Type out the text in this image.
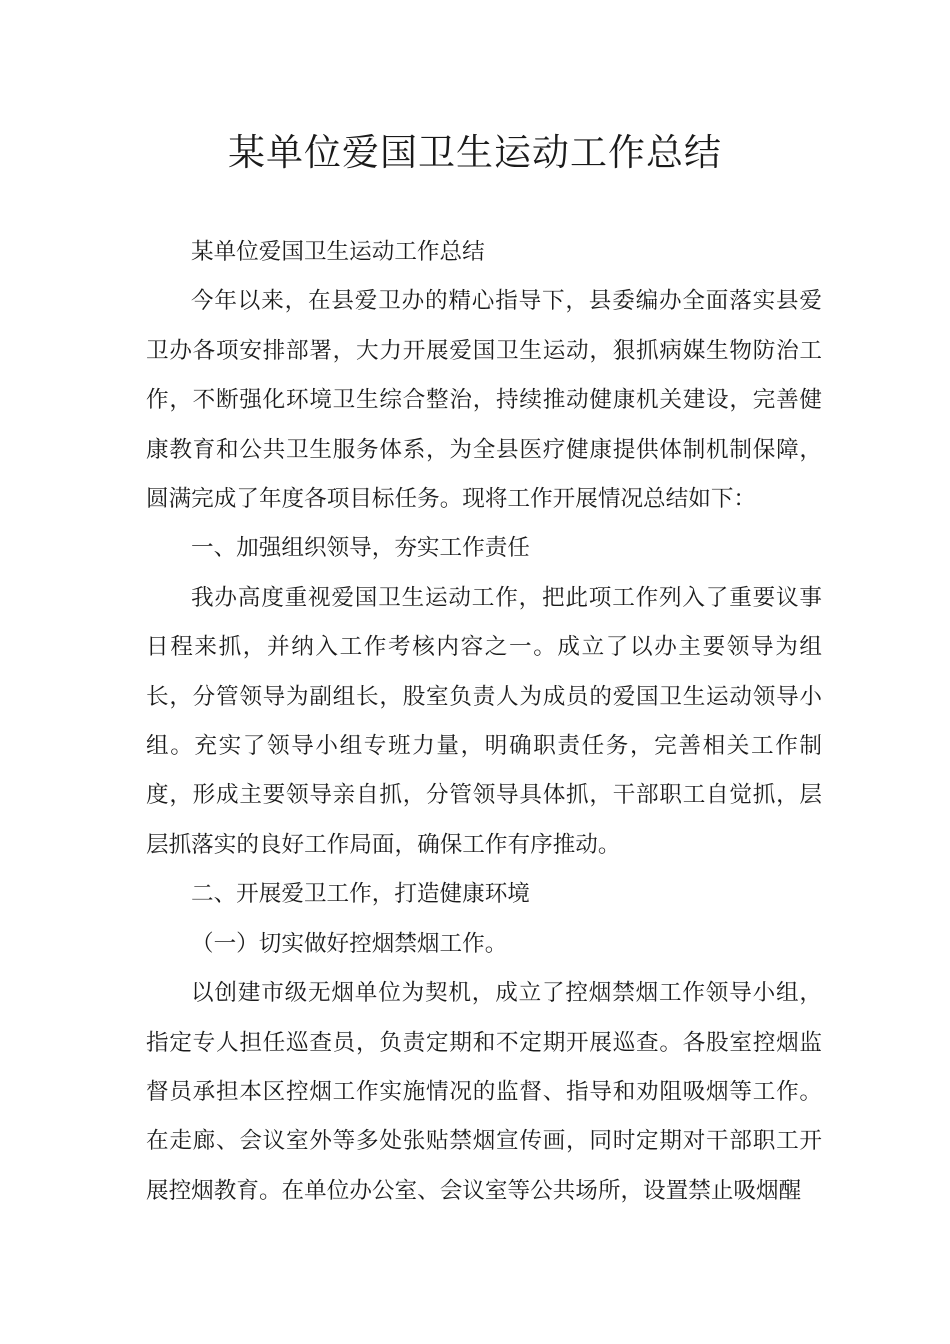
某单位爱国卫生运动工作总结

某单位爱国卫生运动工作总结

今年以来，在县爱卫办的精心指导下，县委编办全面落实县爱卫办各项安排部署，大力开展爱国卫生运动，狠抓病媒生物防治工作，不断强化环境卫生综合整治，持续推动健康机关建设，完善健康教育和公共卫生服务体系，为全县医疗健康提供体制机制保障，圆满完成了年度各项目标任务。现将工作开展情况总结如下：

一、加强组织领导，夯实工作责任

我办高度重视爱国卫生运动工作，把此项工作列入了重要议事日程来抓，并纳入工作考核内容之一。成立了以办主要领导为组长，分管领导为副组长，股室负责人为成员的爱国卫生运动领导小组。充实了领导小组专班力量，明确职责任务，完善相关工作制度，形成主要领导亲自抓，分管领导具体抓，干部职工自觉抓，层层抓落实的良好工作局面，确保工作有序推动。

二、开展爱卫工作，打造健康环境

（一）切实做好控烟禁烟工作。

以创建市级无烟单位为契机，成立了控烟禁烟工作领导小组，指定专人担任巡查员，负责定期和不定期开展巡查。各股室控烟监督员承担本区控烟工作实施情况的监督、指导和劝阻吸烟等工作。在走廊、会议室外等多处张贴禁烟宣传画，同时定期对干部职工开展控烟教育。在单位办公室、会议室等公共场所，设置禁止吸烟醒
